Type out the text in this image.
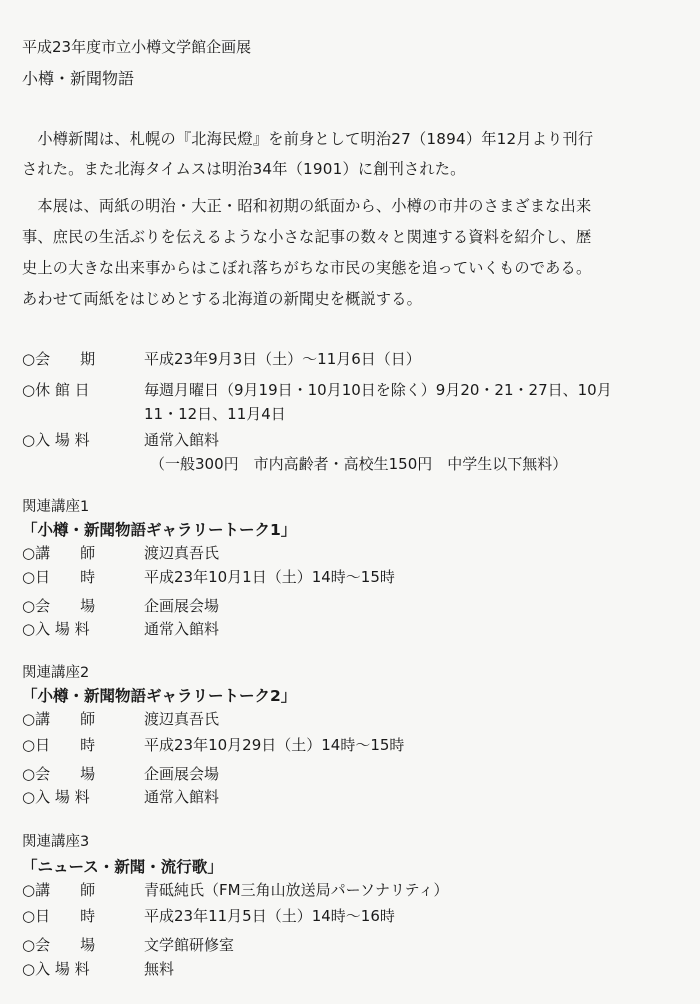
平成23年度市立小樽文学館企画展
小樽・新聞物語
　小樽新聞は、札幌の『北海民燈』を前身として明治27（1894）年12月より刊行
された。また北海タイムスは明治34年（1901）に創刊された。
　本展は、両紙の明治・大正・昭和初期の紙面から、小樽の市井のさまざまな出来
事、庶民の生活ぶりを伝えるような小さな記事の数々と関連する資料を紹介し、歴
史上の大きな出来事からはこぼれ落ちがちな市民の実態を追っていくものである。
あわせて両紙をはじめとする北海道の新聞史を概説する。
○会　　期	平成23年9月3日（土）～11月6日（日）
○休 館 日	毎週月曜日（9月19日・10月10日を除く）9月20・21・27日、10月
11・12日、11月4日
○入 場 料	通常入館料
（一般300円　市内高齢者・高校生150円　中学生以下無料）
関連講座1
「小樽・新聞物語ギャラリートーク1」
○講　　師	渡辺真吾氏
○日　　時	平成23年10月1日（土）14時～15時
○会　　場	企画展会場
○入 場 料	通常入館料
関連講座2
「小樽・新聞物語ギャラリートーク2」
○講　　師	渡辺真吾氏
○日　　時	平成23年10月29日（土）14時～15時
○会　　場	企画展会場
○入 場 料	通常入館料
関連講座3
「ニュース・新聞・流行歌」
○講　　師	青砥純氏（FM三角山放送局パーソナリティ）
○日　　時	平成23年11月5日（土）14時～16時
○会　　場	文学館研修室
○入 場 料	無料
